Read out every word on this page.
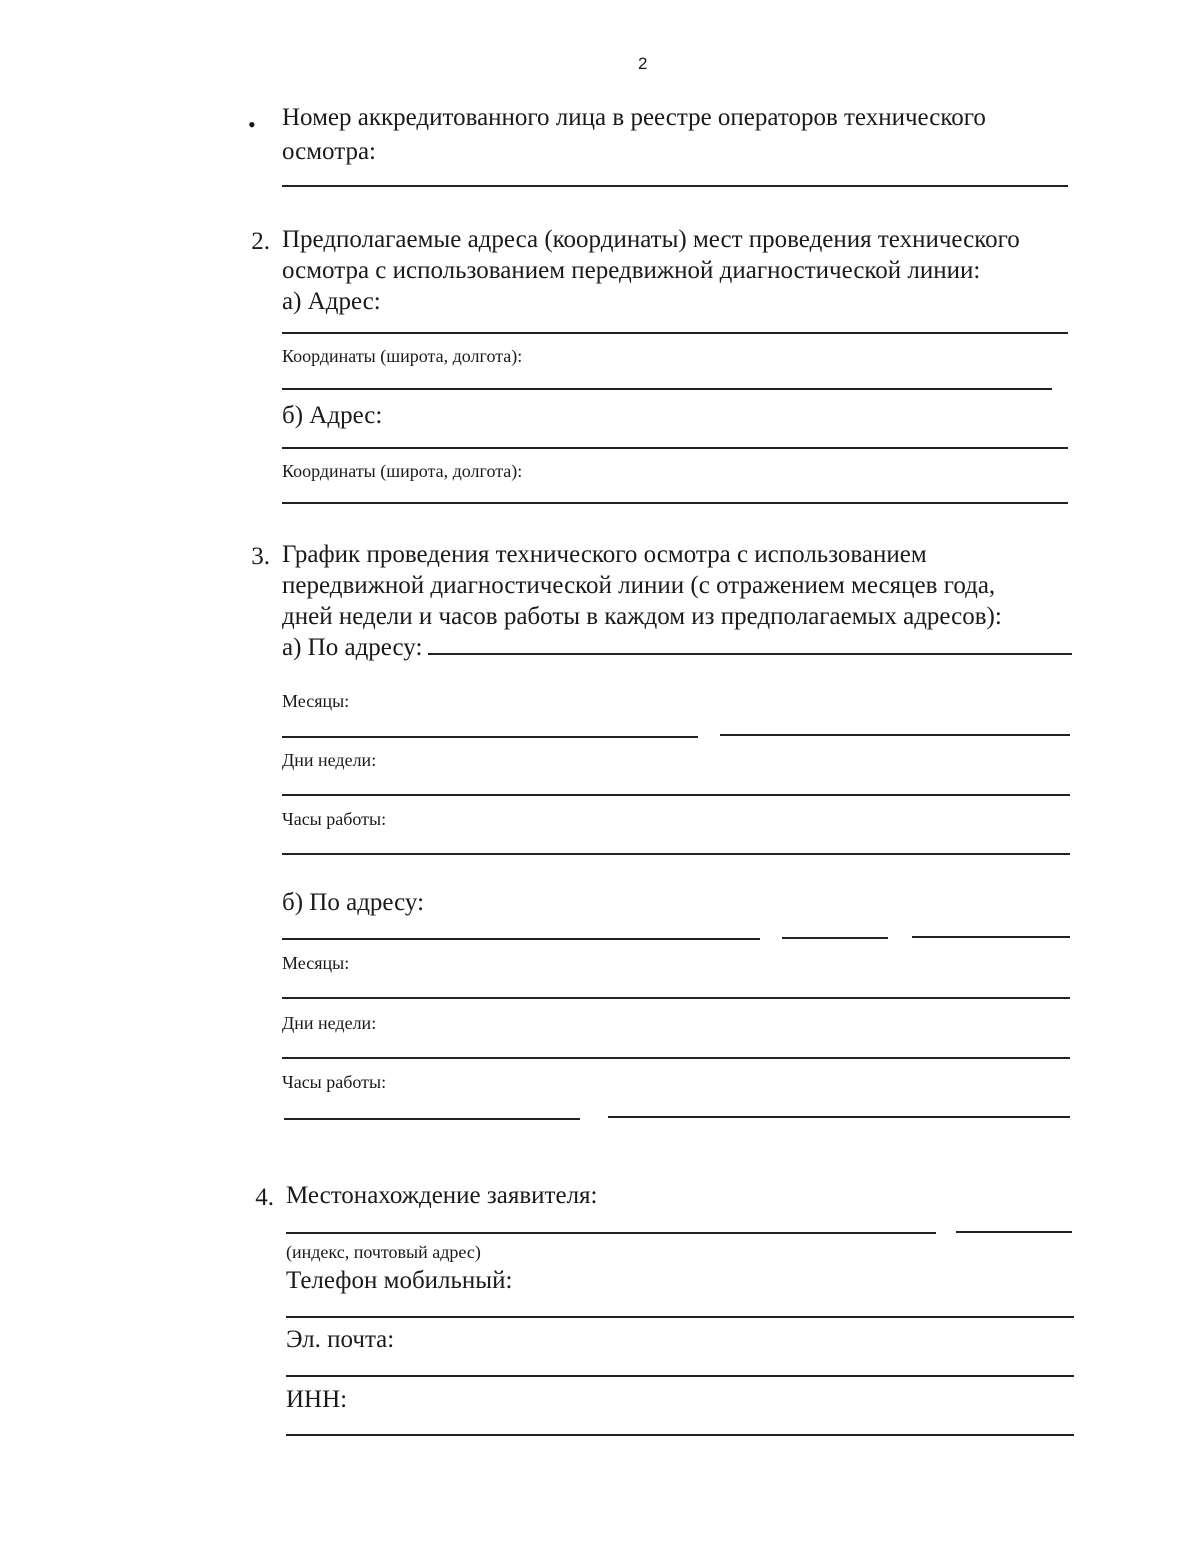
2
• Номер аккредитованного лица в реестре операторов технического
осмотра:
2. Предполагаемые адреса (координаты) мест проведения технического
осмотра с использованием передвижной диагностической линии:
а) Адрес:
Координаты (широта, долгота):
б) Адрес:
Координаты (широта, долгота):
3. График проведения технического осмотра с использованием
передвижной диагностической линии (с отражением месяцев года,
дней недели и часов работы в каждом из предполагаемых адресов):
а) По адресу:
Месяцы:
Дни недели:
Часы работы:
б) По адресу:
Месяцы:
Дни недели:
Часы работы:
4. Местонахождение заявителя:
(индекс, почтовый адрес)
Телефон мобильный:
Эл. почта:
ИНН:
